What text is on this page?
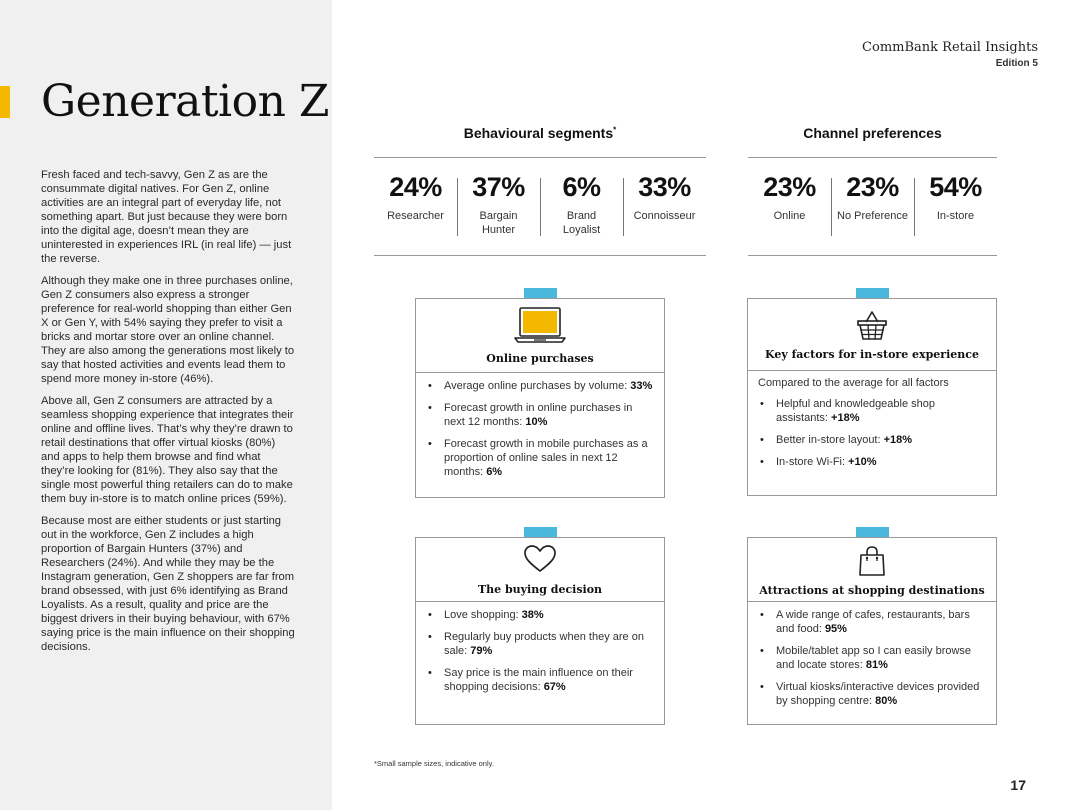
Generation Z

Fresh faced and tech-savvy, Gen Z as are the consummate digital natives. For Gen Z, online activities are an integral part of everyday life, not something apart. But just because they were born into the digital age, doesn’t mean they are uninterested in experiences IRL (in real life) — just the reverse.

Although they make one in three purchases online, Gen Z consumers also express a stronger preference for real-world shopping than either Gen X or Gen Y, with 54% saying they prefer to visit a bricks and mortar store over an online channel. They are also among the generations most likely to say that hosted activities and events lead them to spend more money in-store (46%).

Above all, Gen Z consumers are attracted by a seamless shopping experience that integrates their online and offline lives. That’s why they’re drawn to retail destinations that offer virtual kiosks (80%) and apps to help them browse and find what they’re looking for (81%). They also say that the single most powerful thing retailers can do to make them buy in-store is to match online prices (59%).

Because most are either students or just starting out in the workforce, Gen Z includes a high proportion of Bargain Hunters (37%) and Researchers (24%). And while they may be the Instagram generation, Gen Z shoppers are far from brand obsessed, with just 6% identifying as Brand Loyalists. As a result, quality and price are the biggest drivers in their buying behaviour, with 67% saying price is the main influence on their shopping decisions.

CommBank Retail Insights
Edition 5
Behavioural segments*
24%
Researcher
37%
Bargain
Hunter
6%
Brand
Loyalist
33%
Connoisseur
Channel preferences
23%
Online
23%
No Preference
54%
In-store
Online purchases
• Average online purchases by volume: 33%
• Forecast growth in online purchases in next 12 months: 10%
• Forecast growth in mobile purchases as a proportion of online sales in next 12 months: 6%
Key factors for in-store experience
Compared to the average for all factors
• Helpful and knowledgeable shop assistants: +18%
• Better in-store layout: +18%
• In-store Wi-Fi: +10%
The buying decision
• Love shopping: 38%
• Regularly buy products when they are on sale: 79%
• Say price is the main influence on their shopping decisions: 67%
Attractions at shopping destinations
• A wide range of cafes, restaurants, bars and food: 95%
• Mobile/tablet app so I can easily browse and locate stores: 81%
• Virtual kiosks/interactive devices provided by shopping centre: 80%
*Small sample sizes, indicative only.
17
